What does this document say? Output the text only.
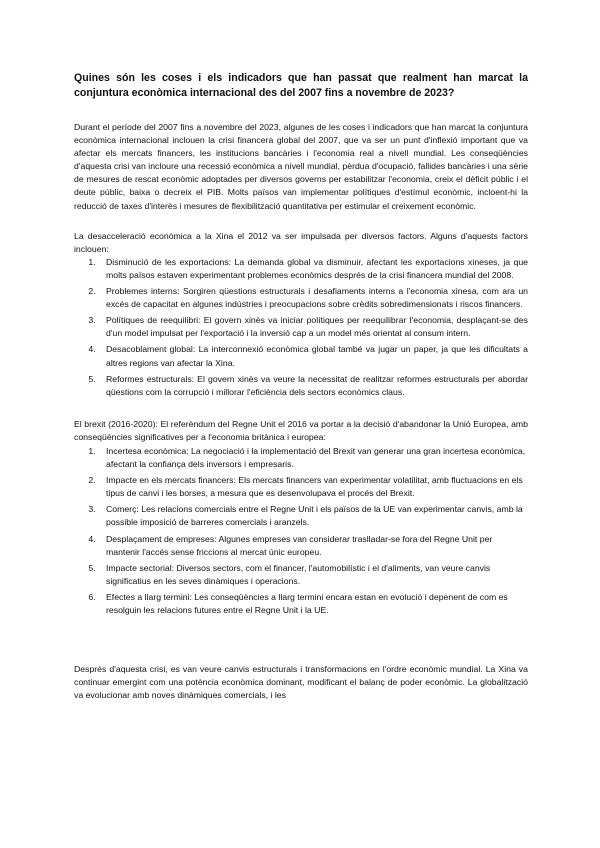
Quines són les coses i els indicadors que han passat que realment han marcat la conjuntura econòmica internacional des del 2007 fins a novembre de 2023?

Durant el període del 2007 fins a novembre del 2023, algunes de les coses i indicadors que han marcat la conjuntura econòmica internacional inclouen la crisi financera global del 2007, que va ser un punt d'inflexió important que va afectar els mercats financers, les institucions bancàries i l'economia real a nivell mundial. Les conseqüències d'aquesta crisi van incloure una recessió econòmica a nivell mundial, pèrdua d'ocupació, fallides bancàries i una sèrie de mesures de rescat econòmic adoptades per diversos governs per estabilitzar l'economia, creix el dèficit públic i el deute públic, baixa o decreix el PIB. Molts països van implementar polítiques d'estímul econòmic, incloent-hi la reducció de taxes d'interès i mesures de flexibilització quantitativa per estimular el creixement econòmic.

La desacceleració econòmica a la Xina el 2012 va ser impulsada per diversos factors. Alguns d'aquests factors inclouen:

1. Disminució de les exportacions: La demanda global va disminuir, afectant les exportacions xineses, ja que molts països estaven experimentant problemes econòmics després de la crisi financera mundial del 2008.
2. Problemes interns: Sorgiren qüestions estructurals i desafiaments interns a l'economia xinesa, com ara un excés de capacitat en algunes indústries i preocupacions sobre crèdits sobredimensionats i riscos financers.
3. Polítiques de reequilibri: El govern xinès va iniciar polítiques per reequilibrar l'economia, desplaçant-se des d'un model impulsat per l'exportació i la inversió cap a un model més orientat al consum intern.
4. Desacoblament global: La interconnexió econòmica global també va jugar un paper, ja que les dificultats a altres regions van afectar la Xina.
5. Reformes estructurals: El govern xinès va veure la necessitat de realitzar reformes estructurals per abordar qüestions com la corrupció i millorar l'eficiència dels sectors econòmics claus.

El brexit (2016-2020): El referèndum del Regne Unit el 2016 va portar a la decisió d'abandonar la Unió Europea, amb conseqüències significatives per a l'economia britànica i europea:

1. Incertesa econòmica: La negociació i la implementació del Brexit van generar una gran incertesa econòmica, afectant la confiança dels inversors i empresaris.
2. Impacte en els mercats financers: Els mercats financers van experimentar volatilitat, amb fluctuacions en els tipus de canvi i les borses, a mesura que es desenvolupava el procés del Brexit.
3. Comerç: Les relacions comercials entre el Regne Unit i els països de la UE van experimentar canvis, amb la possible imposició de barreres comercials i aranzels.
4. Desplaçament de empreses: Algunes empreses van considerar traslladar-se fora del Regne Unit per mantenir l'accés sense friccions al mercat únic europeu.
5. Impacte sectorial: Diversos sectors, com el financer, l'automobilístic i el d'aliments, van veure canvis significatius en les seves dinàmiques i operacions.
6. Efectes a llarg termini: Les conseqüències a llarg termini encara estan en evolució i depenent de com es resolguin les relacions futures entre el Regne Unit i la UE.

Després d'aquesta crisi, es van veure canvis estructurals i transformacions en l'ordre econòmic mundial. La Xina va continuar emergint com una potència econòmica dominant, modificant el balanç de poder econòmic. La globalització va evolucionar amb noves dinàmiques comercials, i les
